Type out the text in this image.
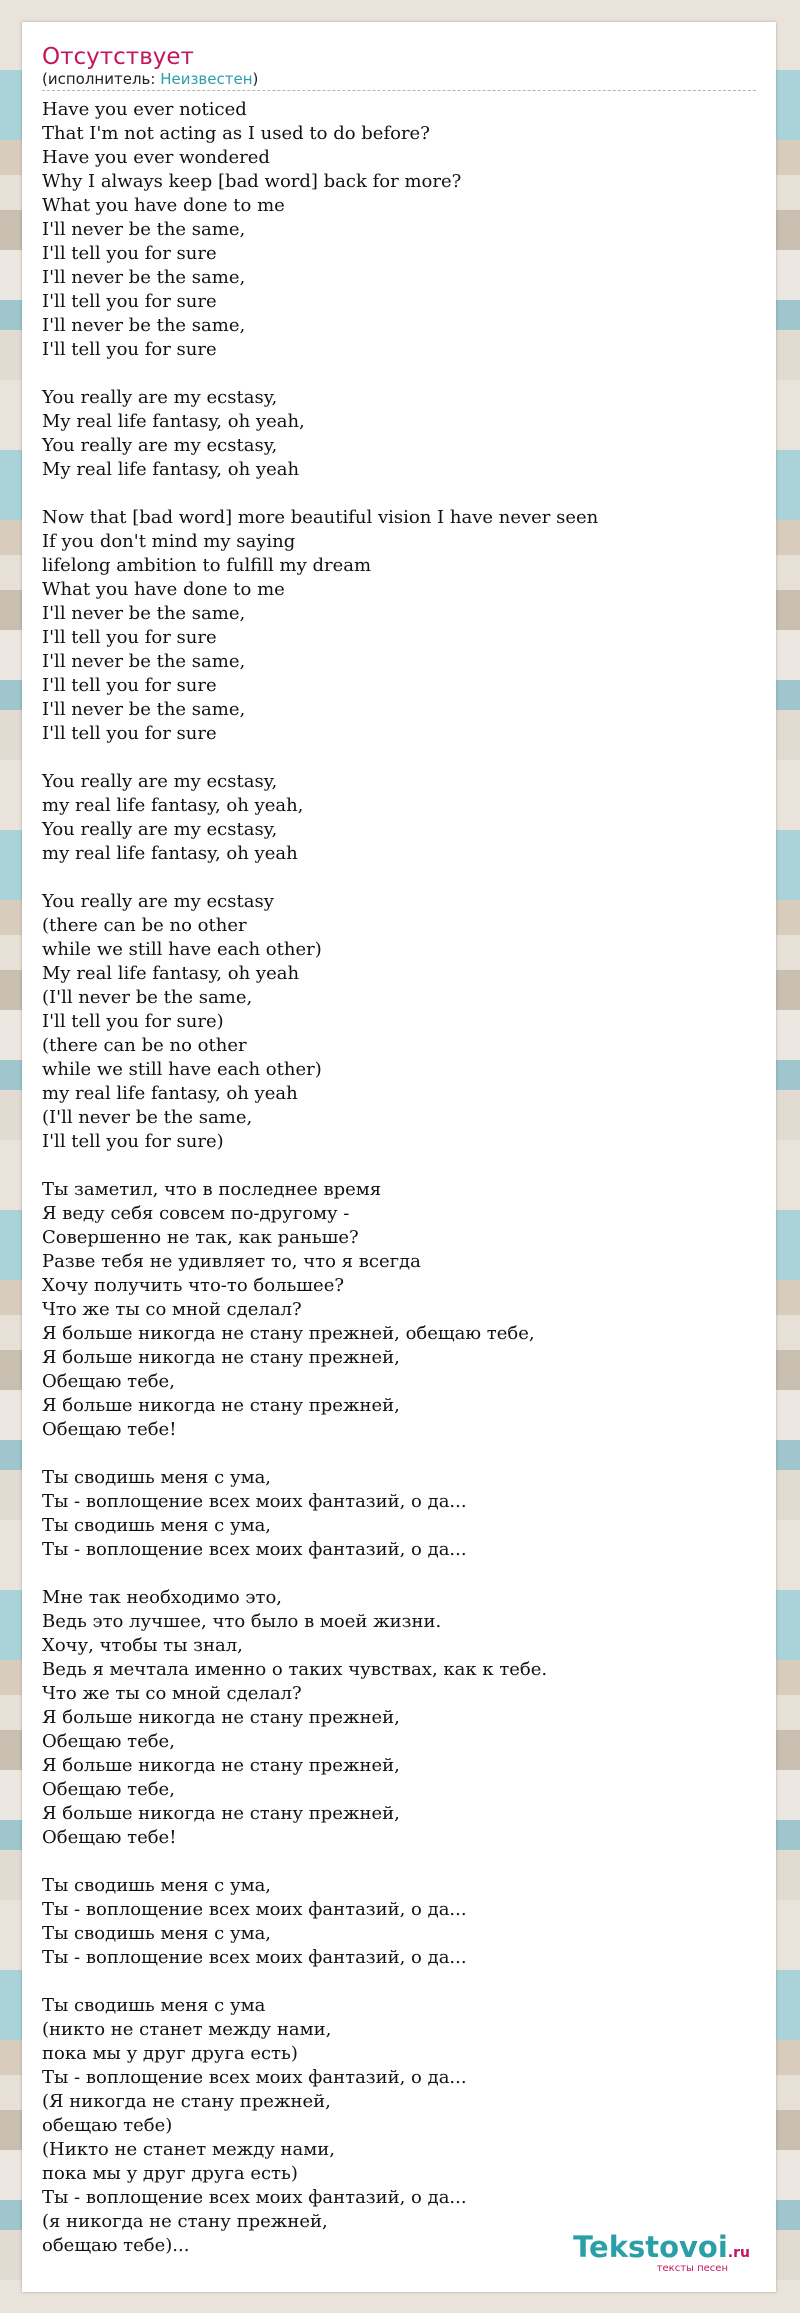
Отсутствует
(исполнитель: Неизвестен)
Have you ever noticed
That I'm not acting as I used to do before?
Have you ever wondered
Why I always keep [bad word] back for more?
What you have done to me
I'll never be the same,
I'll tell you for sure
I'll never be the same,
I'll tell you for sure
I'll never be the same,
I'll tell you for sure

You really are my ecstasy,
My real life fantasy, oh yeah,
You really are my ecstasy,
My real life fantasy, oh yeah

Now that [bad word] more beautiful vision I have never seen
If you don't mind my saying
lifelong ambition to fulfill my dream
What you have done to me
I'll never be the same,
I'll tell you for sure
I'll never be the same,
I'll tell you for sure
I'll never be the same,
I'll tell you for sure

You really are my ecstasy,
my real life fantasy, oh yeah,
You really are my ecstasy,
my real life fantasy, oh yeah

You really are my ecstasy
(there can be no other
while we still have each other)
My real life fantasy, oh yeah
(I'll never be the same,
I'll tell you for sure)
(there can be no other
while we still have each other)
my real life fantasy, oh yeah
(I'll never be the same,
I'll tell you for sure)

Ты заметил, что в последнее время
Я веду себя совсем по-другому -
Совершенно не так, как раньше?
Разве тебя не удивляет то, что я всегда
Хочу получить что-то большее?
Что же ты со мной сделал?
Я больше никогда не стану прежней, обещаю тебе,
Я больше никогда не стану прежней,
Обещаю тебе,
Я больше никогда не стану прежней,
Обещаю тебе!

Ты сводишь меня с ума,
Ты - воплощение всех моих фантазий, о да...
Ты сводишь меня с ума,
Ты - воплощение всех моих фантазий, о да...

Мне так необходимо это,
Ведь это лучшее, что было в моей жизни.
Хочу, чтобы ты знал,
Ведь я мечтала именно о таких чувствах, как к тебе.
Что же ты со мной сделал?
Я больше никогда не стану прежней,
Обещаю тебе,
Я больше никогда не стану прежней,
Обещаю тебе,
Я больше никогда не стану прежней,
Обещаю тебе!

Ты сводишь меня с ума,
Ты - воплощение всех моих фантазий, о да...
Ты сводишь меня с ума,
Ты - воплощение всех моих фантазий, о да...

Ты сводишь меня с ума
(никто не станет между нами,
пока мы у друг друга есть)
Ты - воплощение всех моих фантазий, о да...
(Я никогда не стану прежней,
обещаю тебе)
(Никто не станет между нами,
пока мы у друг друга есть)
Ты - воплощение всех моих фантазий, о да...
(я никогда не стану прежней,
обещаю тебе)...	Tekstovoi.ru
тексты песен
